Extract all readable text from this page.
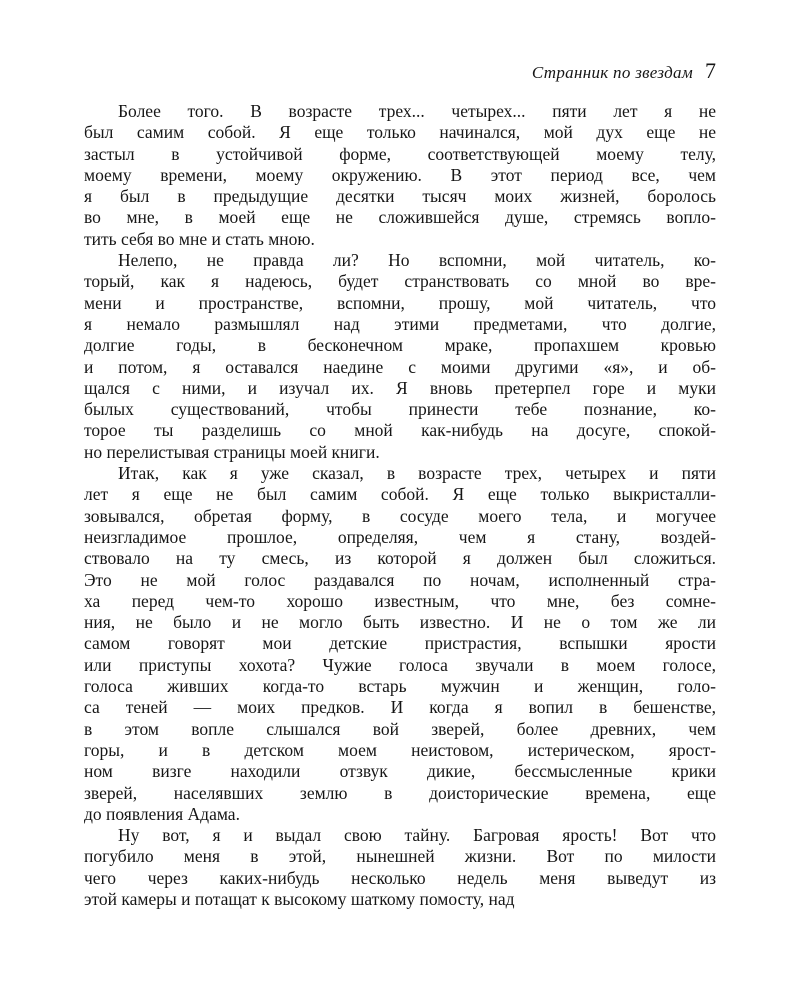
Странник по звездам 7
Более того. В возрасте трех... четырех... пяти лет я не
был самим собой. Я еще только начинался, мой дух еще не
застыл в устойчивой форме, соответствующей моему телу,
моему времени, моему окружению. В этот период все, чем
я был в предыдущие десятки тысяч моих жизней, боролось
во мне, в моей еще не сложившейся душе, стремясь вопло-
тить себя во мне и стать мною.
Нелепо, не правда ли? Но вспомни, мой читатель, ко-
торый, как я надеюсь, будет странствовать со мной во вре-
мени и пространстве, вспомни, прошу, мой читатель, что
я немало размышлял над этими предметами, что долгие,
долгие годы, в бесконечном мраке, пропахшем кровью
и потом, я оставался наедине с моими другими «я», и об-
щался с ними, и изучал их. Я вновь претерпел горе и муки
былых существований, чтобы принести тебе познание, ко-
торое ты разделишь со мной как-нибудь на досуге, спокой-
но перелистывая страницы моей книги.
Итак, как я уже сказал, в возрасте трех, четырех и пяти
лет я еще не был самим собой. Я еще только выкристалли-
зовывался, обретая форму, в сосуде моего тела, и могучее
неизгладимое прошлое, определяя, чем я стану, воздей-
ствовало на ту смесь, из которой я должен был сложиться.
Это не мой голос раздавался по ночам, исполненный стра-
ха перед чем-то хорошо известным, что мне, без сомне-
ния, не было и не могло быть известно. И не о том же ли
самом говорят мои детские пристрастия, вспышки ярости
или приступы хохота? Чужие голоса звучали в моем голосе,
голоса живших когда-то встарь мужчин и женщин, голо-
са теней — моих предков. И когда я вопил в бешенстве,
в этом вопле слышался вой зверей, более древних, чем
горы, и в детском моем неистовом, истерическом, ярост-
ном визге находили отзвук дикие, бессмысленные крики
зверей, населявших землю в доисторические времена, еще
до появления Адама.
Ну вот, я и выдал свою тайну. Багровая ярость! Вот что
погубило меня в этой, нынешней жизни. Вот по милости
чего через каких-нибудь несколько недель меня выведут из
этой камеры и потащат к высокому шаткому помосту, над
